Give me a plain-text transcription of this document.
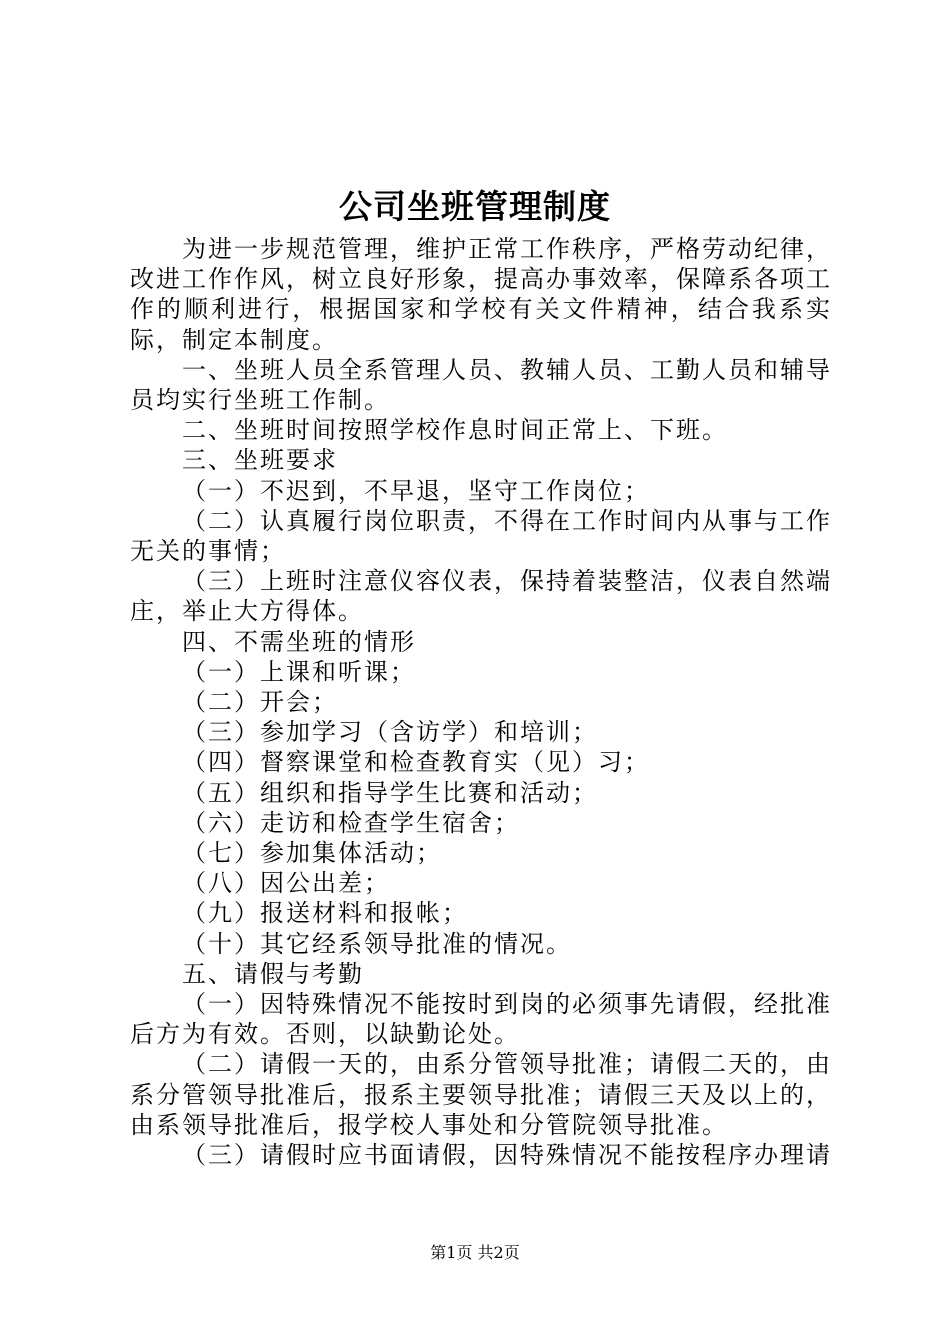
公司坐班管理制度

为进一步规范管理，维护正常工作秩序，严格劳动纪律，改进工作作风，树立良好形象，提高办事效率，保障系各项工作的顺利进行，根据国家和学校有关文件精神，结合我系实际，制定本制度。

一、坐班人员全系管理人员、教辅人员、工勤人员和辅导员均实行坐班工作制。

二、坐班时间按照学校作息时间正常上、下班。

三、坐班要求

（一）不迟到，不早退，坚守工作岗位；

（二）认真履行岗位职责，不得在工作时间内从事与工作无关的事情；

（三）上班时注意仪容仪表，保持着装整洁，仪表自然端庄，举止大方得体。

四、不需坐班的情形

（一）上课和听课；

（二）开会；

（三）参加学习（含访学）和培训；

（四）督察课堂和检查教育实（见）习；

（五）组织和指导学生比赛和活动；

（六）走访和检查学生宿舍；

（七）参加集体活动；

（八）因公出差；

（九）报送材料和报帐；

（十）其它经系领导批准的情况。

五、请假与考勤

（一）因特殊情况不能按时到岗的必须事先请假，经批准后方为有效。否则，以缺勤论处。

（二）请假一天的，由系分管领导批准；请假二天的，由系分管领导批准后，报系主要领导批准；请假三天及以上的，由系领导批准后，报学校人事处和分管院领导批准。

（三）请假时应书面请假，因特殊情况不能按程序办理请

第1页 共2页
